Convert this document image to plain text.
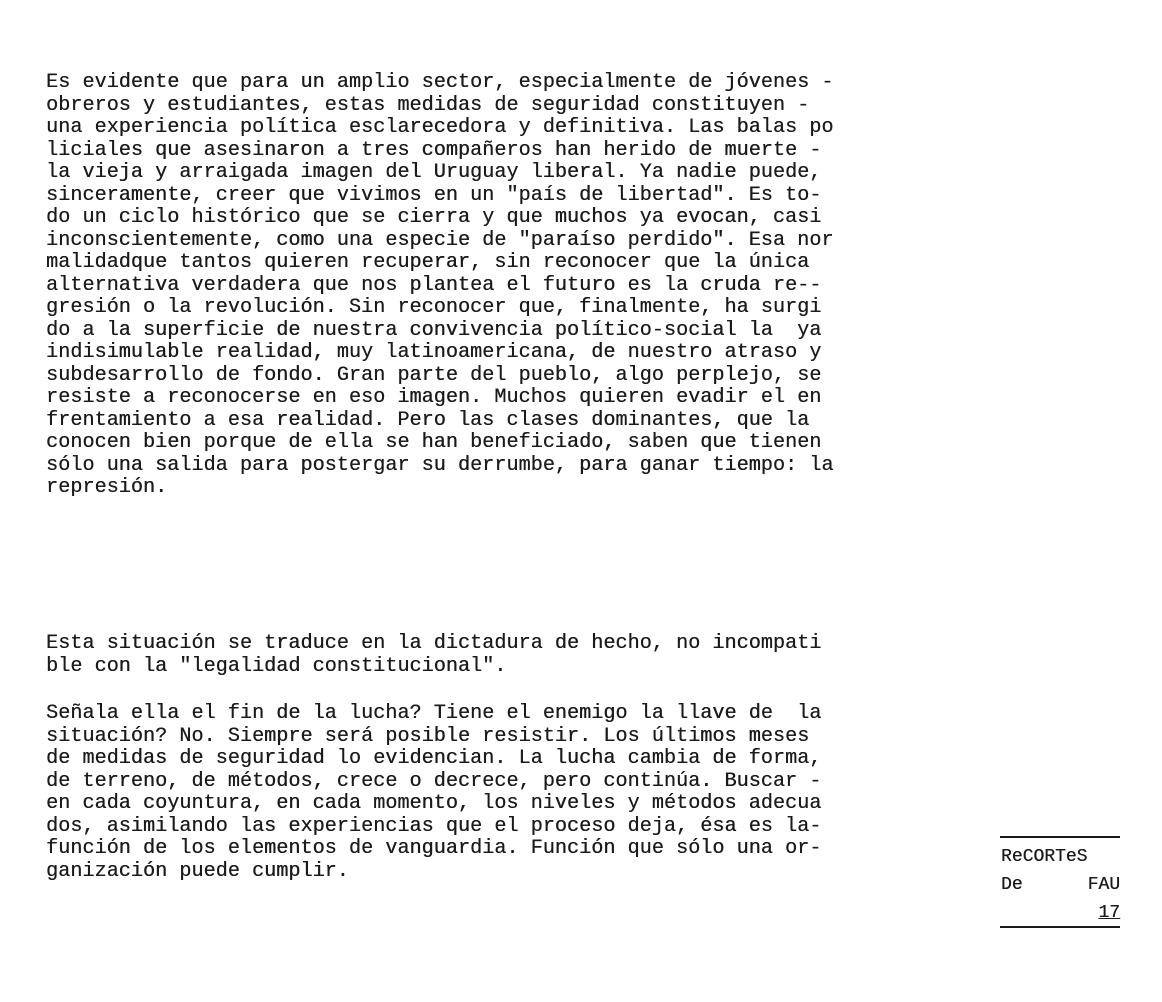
Es evidente que para un amplio sector, especialmente de jóvenes -
obreros y estudiantes, estas medidas de seguridad constituyen -
una experiencia política esclarecedora y definitiva. Las balas po
liciales que asesinaron a tres compañeros han herido de muerte -
la vieja y arraigada imagen del Uruguay liberal. Ya nadie puede,
sinceramente, creer que vivimos en un "país de libertad". Es to-
do un ciclo histórico que se cierra y que muchos ya evocan, casi
inconscientemente, como una especie de "paraíso perdido". Esa nor
malidadque tantos quieren recuperar, sin reconocer que la única
alternativa verdadera que nos plantea el futuro es la cruda re--
gresión o la revolución. Sin reconocer que, finalmente, ha surgi
do a la superficie de nuestra convivencia político-social la  ya
indisimulable realidad, muy latinoamericana, de nuestro atraso y
subdesarrollo de fondo. Gran parte del pueblo, algo perplejo, se
resiste a reconocerse en eso imagen. Muchos quieren evadir el en
frentamiento a esa realidad. Pero las clases dominantes, que la
conocen bien porque de ella se han beneficiado, saben que tienen
sólo una salida para postergar su derrumbe, para ganar tiempo: la
represión.

Esta situación se traduce en la dictadura de hecho, no incompati
ble con la "legalidad constitucional".

Señala ella el fin de la lucha? Tiene el enemigo la llave de  la
situación? No. Siempre será posible resistir. Los últimos meses
de medidas de seguridad lo evidencian. La lucha cambia de forma,
de terreno, de métodos, crece o decrece, pero continúa. Buscar -
en cada coyuntura, en cada momento, los niveles y métodos adecua
dos, asimilando las experiencias que el proceso deja, ésa es la-
función de los elementos de vanguardia. Función que sólo una or-
ganización puede cumplir.

ReCORTeS
De	FAU
17
